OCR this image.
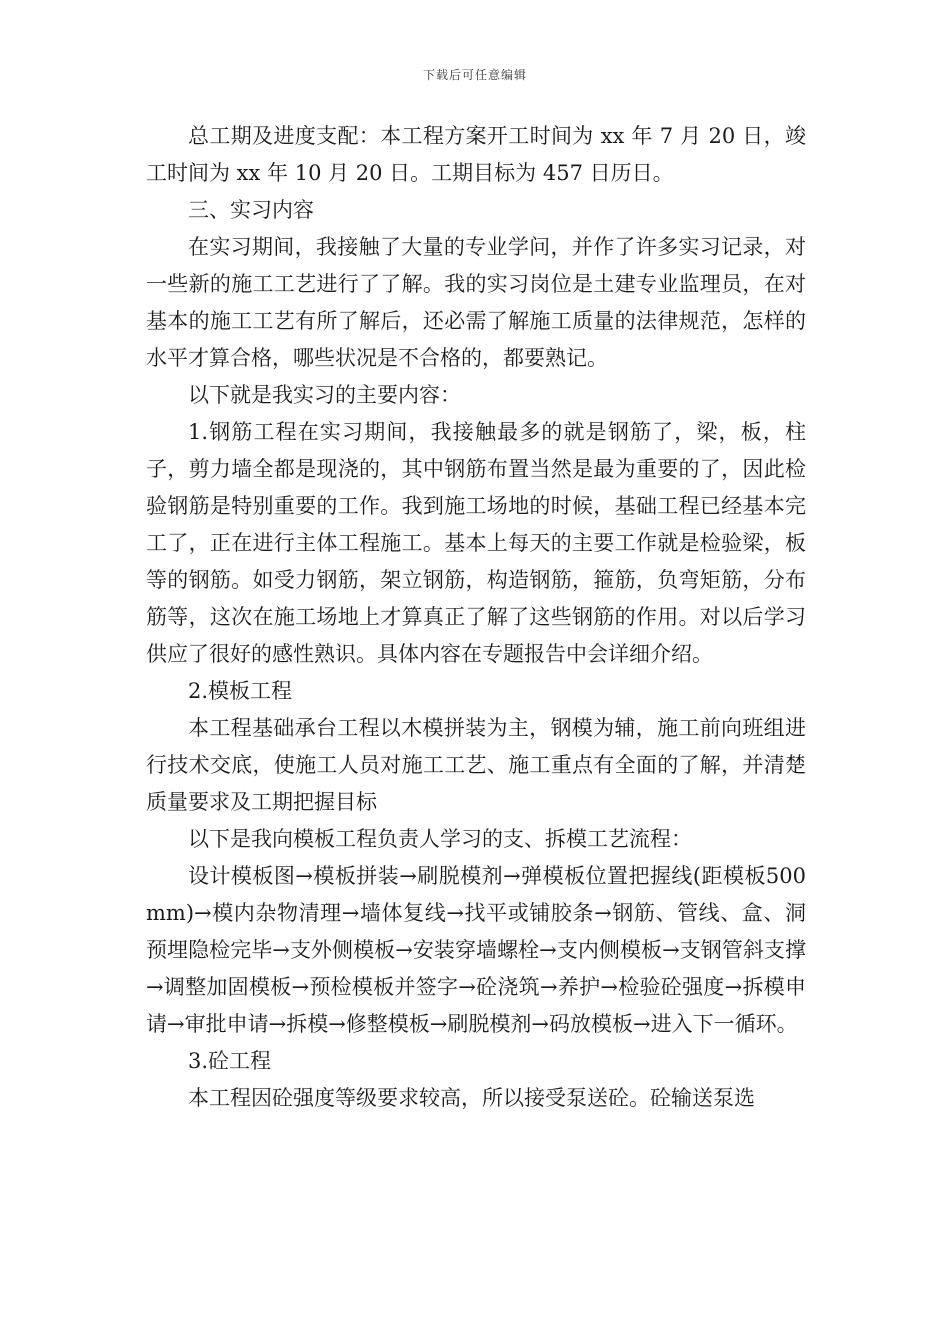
下载后可任意编辑

总工期及进度支配：本工程方案开工时间为 xx 年 7 月 20 日，竣工时间为 xx 年 10 月 20 日。工期目标为 457 日历日。

三、实习内容

在实习期间，我接触了大量的专业学问，并作了许多实习记录，对一些新的施工工艺进行了了解。我的实习岗位是土建专业监理员，在对基本的施工工艺有所了解后，还必需了解施工质量的法律规范，怎样的水平才算合格，哪些状况是不合格的，都要熟记。

以下就是我实习的主要内容：

1.钢筋工程在实习期间，我接触最多的就是钢筋了，梁，板，柱子，剪力墙全都是现浇的，其中钢筋布置当然是最为重要的了，因此检验钢筋是特别重要的工作。我到施工场地的时候，基础工程已经基本完工了，正在进行主体工程施工。基本上每天的主要工作就是检验梁，板等的钢筋。如受力钢筋，架立钢筋，构造钢筋，箍筋，负弯矩筋，分布筋等，这次在施工场地上才算真正了解了这些钢筋的作用。对以后学习供应了很好的感性熟识。具体内容在专题报告中会详细介绍。

2.模板工程

本工程基础承台工程以木模拼装为主，钢模为辅，施工前向班组进行技术交底，使施工人员对施工工艺、施工重点有全面的了解，并清楚质量要求及工期把握目标

以下是我向模板工程负责人学习的支、拆模工艺流程：

设计模板图→模板拼装→刷脱模剂→弹模板位置把握线(距模板500mm)→模内杂物清理→墙体复线→找平或铺胶条→钢筋、管线、盒、洞预埋隐检完毕→支外侧模板→安装穿墙螺栓→支内侧模板→支钢管斜支撑→调整加固模板→预检模板并签字→砼浇筑→养护→检验砼强度→拆模申请→审批申请→拆模→修整模板→刷脱模剂→码放模板→进入下一循环。

3.砼工程

本工程因砼强度等级要求较高，所以接受泵送砼。砼输送泵选
